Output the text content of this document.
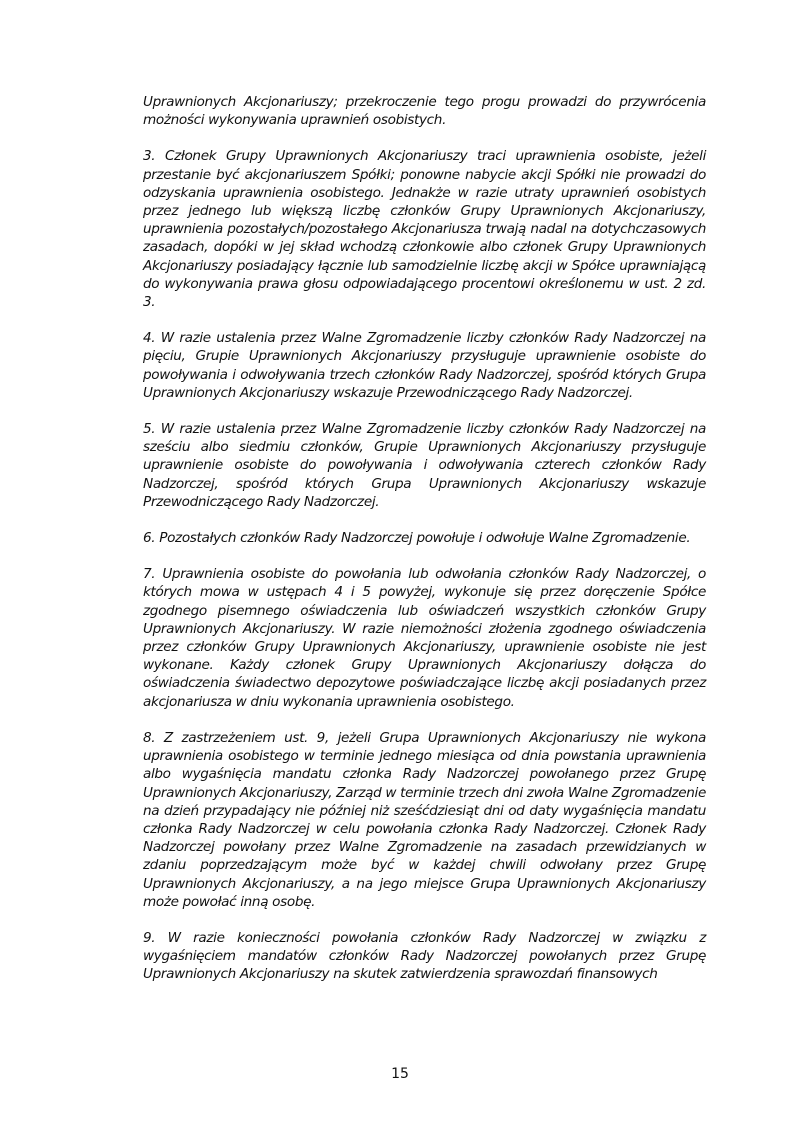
Uprawnionych Akcjonariuszy; przekroczenie tego progu prowadzi do przywrócenia możności wykonywania uprawnień osobistych.

3. Członek Grupy Uprawnionych Akcjonariuszy traci uprawnienia osobiste, jeżeli przestanie być akcjonariuszem Spółki; ponowne nabycie akcji Spółki nie prowadzi do odzyskania uprawnienia osobistego. Jednakże w razie utraty uprawnień osobistych przez jednego lub większą liczbę członków Grupy Uprawnionych Akcjonariuszy, uprawnienia pozostałych/pozostałego Akcjonariusza trwają nadal na dotychczasowych zasadach, dopóki w jej skład wchodzą członkowie albo członek Grupy Uprawnionych Akcjonariuszy posiadający łącznie lub samodzielnie liczbę akcji w Spółce uprawniającą do wykonywania prawa głosu odpowiadającego procentowi określonemu w ust. 2 zd. 3.

4. W razie ustalenia przez Walne Zgromadzenie liczby członków Rady Nadzorczej na pięciu, Grupie Uprawnionych Akcjonariuszy przysługuje uprawnienie osobiste do powoływania i odwoływania trzech członków Rady Nadzorczej, spośród których Grupa Uprawnionych Akcjonariuszy wskazuje Przewodniczącego Rady Nadzorczej.

5. W razie ustalenia przez Walne Zgromadzenie liczby członków Rady Nadzorczej na sześciu albo siedmiu członków, Grupie Uprawnionych Akcjonariuszy przysługuje uprawnienie osobiste do powoływania i odwoływania czterech członków Rady Nadzorczej, spośród których Grupa Uprawnionych Akcjonariuszy wskazuje Przewodniczącego Rady Nadzorczej.

6. Pozostałych członków Rady Nadzorczej powołuje i odwołuje Walne Zgromadzenie.

7. Uprawnienia osobiste do powołania lub odwołania członków Rady Nadzorczej, o których mowa w ustępach 4 i 5 powyżej, wykonuje się przez doręczenie Spółce zgodnego pisemnego oświadczenia lub oświadczeń wszystkich członków Grupy Uprawnionych Akcjonariuszy. W razie niemożności złożenia zgodnego oświadczenia przez członków Grupy Uprawnionych Akcjonariuszy, uprawnienie osobiste nie jest wykonane. Każdy członek Grupy Uprawnionych Akcjonariuszy dołącza do oświadczenia świadectwo depozytowe poświadczające liczbę akcji posiadanych przez akcjonariusza w dniu wykonania uprawnienia osobistego.

8. Z zastrzeżeniem ust. 9, jeżeli Grupa Uprawnionych Akcjonariuszy nie wykona uprawnienia osobistego w terminie jednego miesiąca od dnia powstania uprawnienia albo wygaśnięcia mandatu członka Rady Nadzorczej powołanego przez Grupę Uprawnionych Akcjonariuszy, Zarząd w terminie trzech dni zwoła Walne Zgromadzenie na dzień przypadający nie później niż sześćdziesiąt dni od daty wygaśnięcia mandatu członka Rady Nadzorczej w celu powołania członka Rady Nadzorczej. Członek Rady Nadzorczej powołany przez Walne Zgromadzenie na zasadach przewidzianych w zdaniu poprzedzającym może być w każdej chwili odwołany przez Grupę Uprawnionych Akcjonariuszy, a na jego miejsce Grupa Uprawnionych Akcjonariuszy może powołać inną osobę.

9. W razie konieczności powołania członków Rady Nadzorczej w związku z wygaśnięciem mandatów członków Rady Nadzorczej powołanych przez Grupę Uprawnionych Akcjonariuszy na skutek zatwierdzenia sprawozdań finansowych

15
